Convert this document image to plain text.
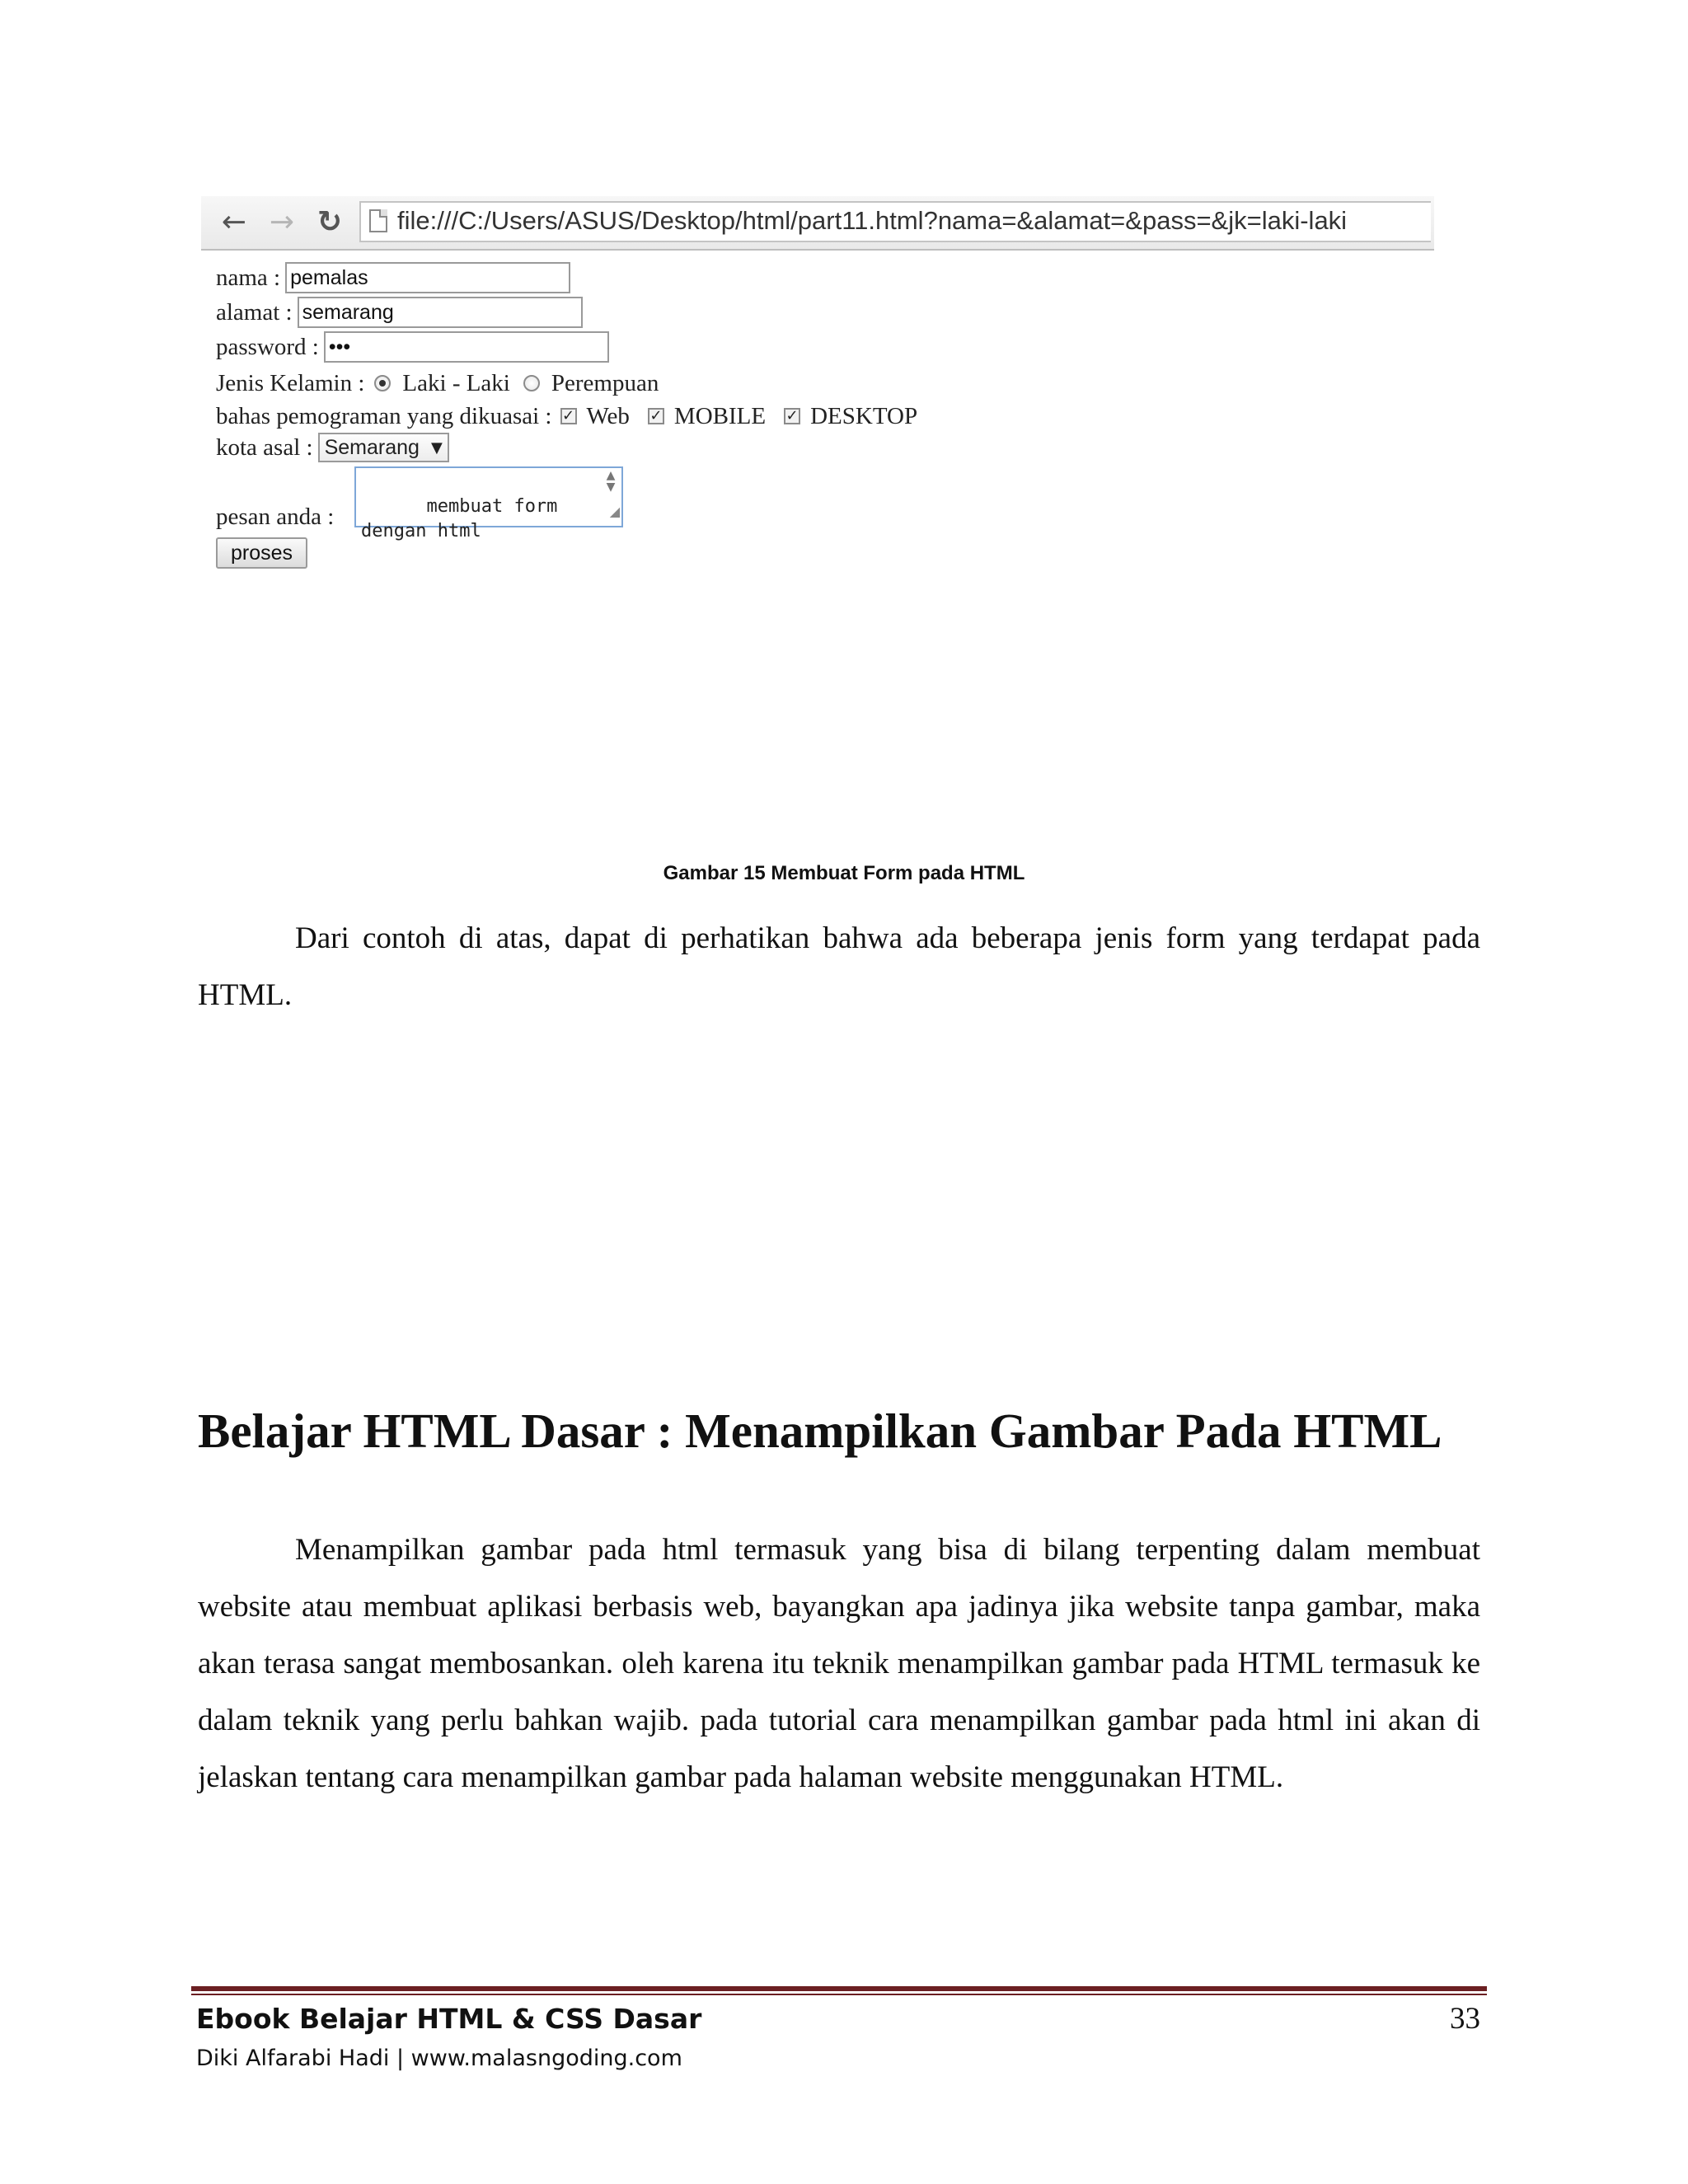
← → ↻ file:///C:/Users/ASUS/Desktop/html/part11.html?nama=&alamat=&pass=&jk=laki-laki
nama : pemalas
alamat : semarang
password : •••
Jenis Kelamin : Laki - Laki Perempuan
bahas pemograman yang dikuasai : ✓ Web ✓ MOBILE ✓ DESKTOP
kota asal : Semarang ▼
pesan anda :	membuat form dengan html

▲
▼

◢

proses
Gambar 15 Membuat Form pada HTML

Dari contoh di atas, dapat di perhatikan bahwa ada beberapa jenis form yang terdapat pada HTML.

Belajar HTML Dasar : Menampilkan Gambar Pada HTML

Menampilkan gambar pada html termasuk yang bisa di bilang terpenting dalam membuat website atau membuat aplikasi berbasis web, bayangkan apa jadinya jika website tanpa gambar, maka akan terasa sangat membosankan. oleh karena itu teknik menampilkan gambar pada HTML termasuk ke dalam teknik yang perlu bahkan wajib. pada tutorial cara menampilkan gambar pada html ini akan di jelaskan tentang cara menampilkan gambar pada halaman website menggunakan HTML.

Ebook Belajar HTML & CSS Dasar
Diki Alfarabi Hadi | www.malasngoding.com
33
